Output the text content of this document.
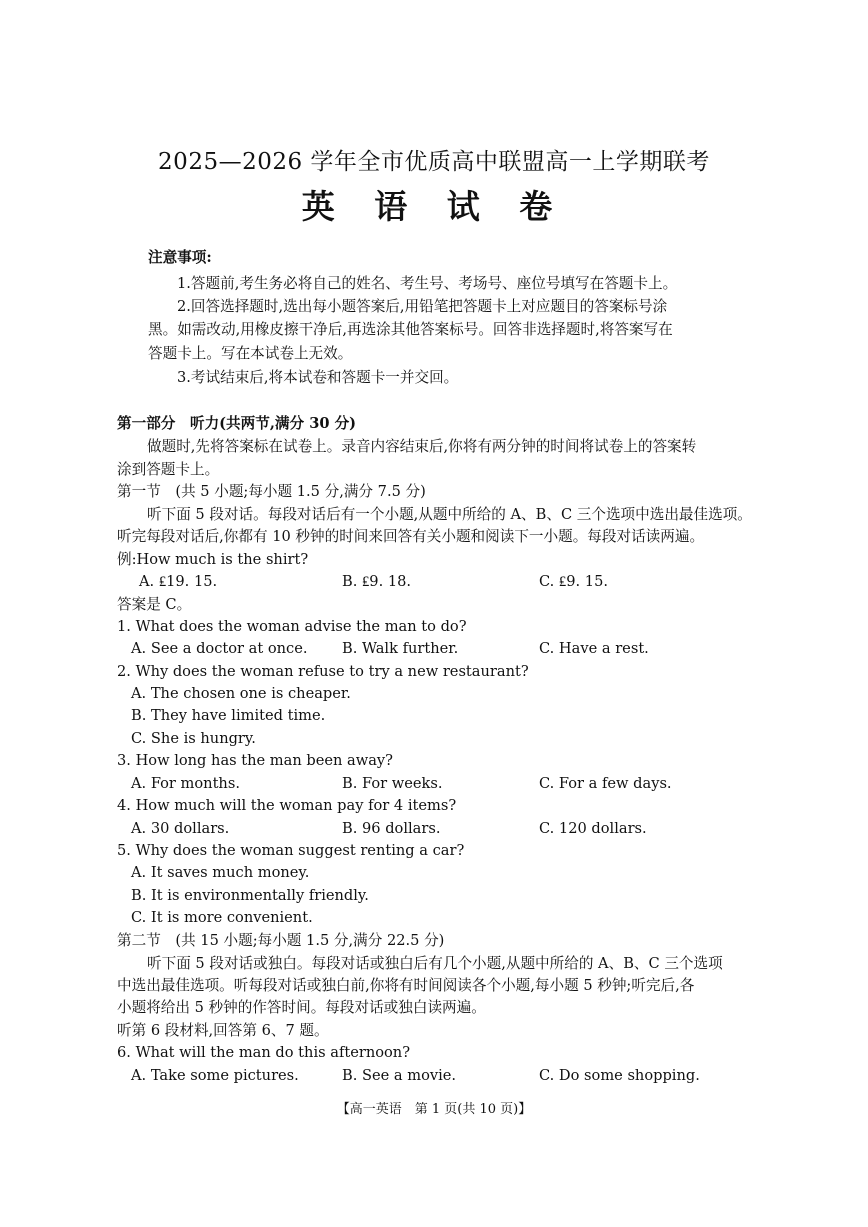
2025—2026 学年全市优质高中联盟高一上学期联考
英 语 试 卷
注意事项:
1.答题前,考生务必将自己的姓名、考生号、考场号、座位号填写在答题卡上。
2.回答选择题时,选出每小题答案后,用铅笔把答题卡上对应题目的答案标号涂
黑。如需改动,用橡皮擦干净后,再选涂其他答案标号。回答非选择题时,将答案写在
答题卡上。写在本试卷上无效。
3.考试结束后,将本试卷和答题卡一并交回。
第一部分　听力(共两节,满分 30 分)
做题时,先将答案标在试卷上。录音内容结束后,你将有两分钟的时间将试卷上的答案转
涂到答题卡上。
第一节　(共 5 小题;每小题 1.5 分,满分 7.5 分)
听下面 5 段对话。每段对话后有一个小题,从题中所给的 A、B、C 三个选项中选出最佳选项。
听完每段对话后,你都有 10 秒钟的时间来回答有关小题和阅读下一小题。每段对话读两遍。
例:How much is the shirt?
A. ₤19. 15.	B. ₤9. 18.	C. ₤9. 15.
答案是 C。
1. What does the woman advise the man to do?
A. See a doctor at once. B. Walk further.	C. Have a rest.
2. Why does the woman refuse to try a new restaurant?
A. The chosen one is cheaper.
B. They have limited time.
C. She is hungry.
3. How long has the man been away?
A. For months.	B. For weeks.	C. For a few days.
4. How much will the woman pay for 4 items?
A. 30 dollars.	B. 96 dollars.	C. 120 dollars.
5. Why does the woman suggest renting a car?
A. It saves much money.
B. It is environmentally friendly.
C. It is more convenient.
第二节　(共 15 小题;每小题 1.5 分,满分 22.5 分)
听下面 5 段对话或独白。每段对话或独白后有几个小题,从题中所给的 A、B、C 三个选项
中选出最佳选项。听每段对话或独白前,你将有时间阅读各个小题,每小题 5 秒钟;听完后,各
小题将给出 5 秒钟的作答时间。每段对话或独白读两遍。
听第 6 段材料,回答第 6、7 题。
6. What will the man do this afternoon?
A. Take some pictures.	B. See a movie.	C. Do some shopping.
【高一英语　第 1 页(共 10 页)】
